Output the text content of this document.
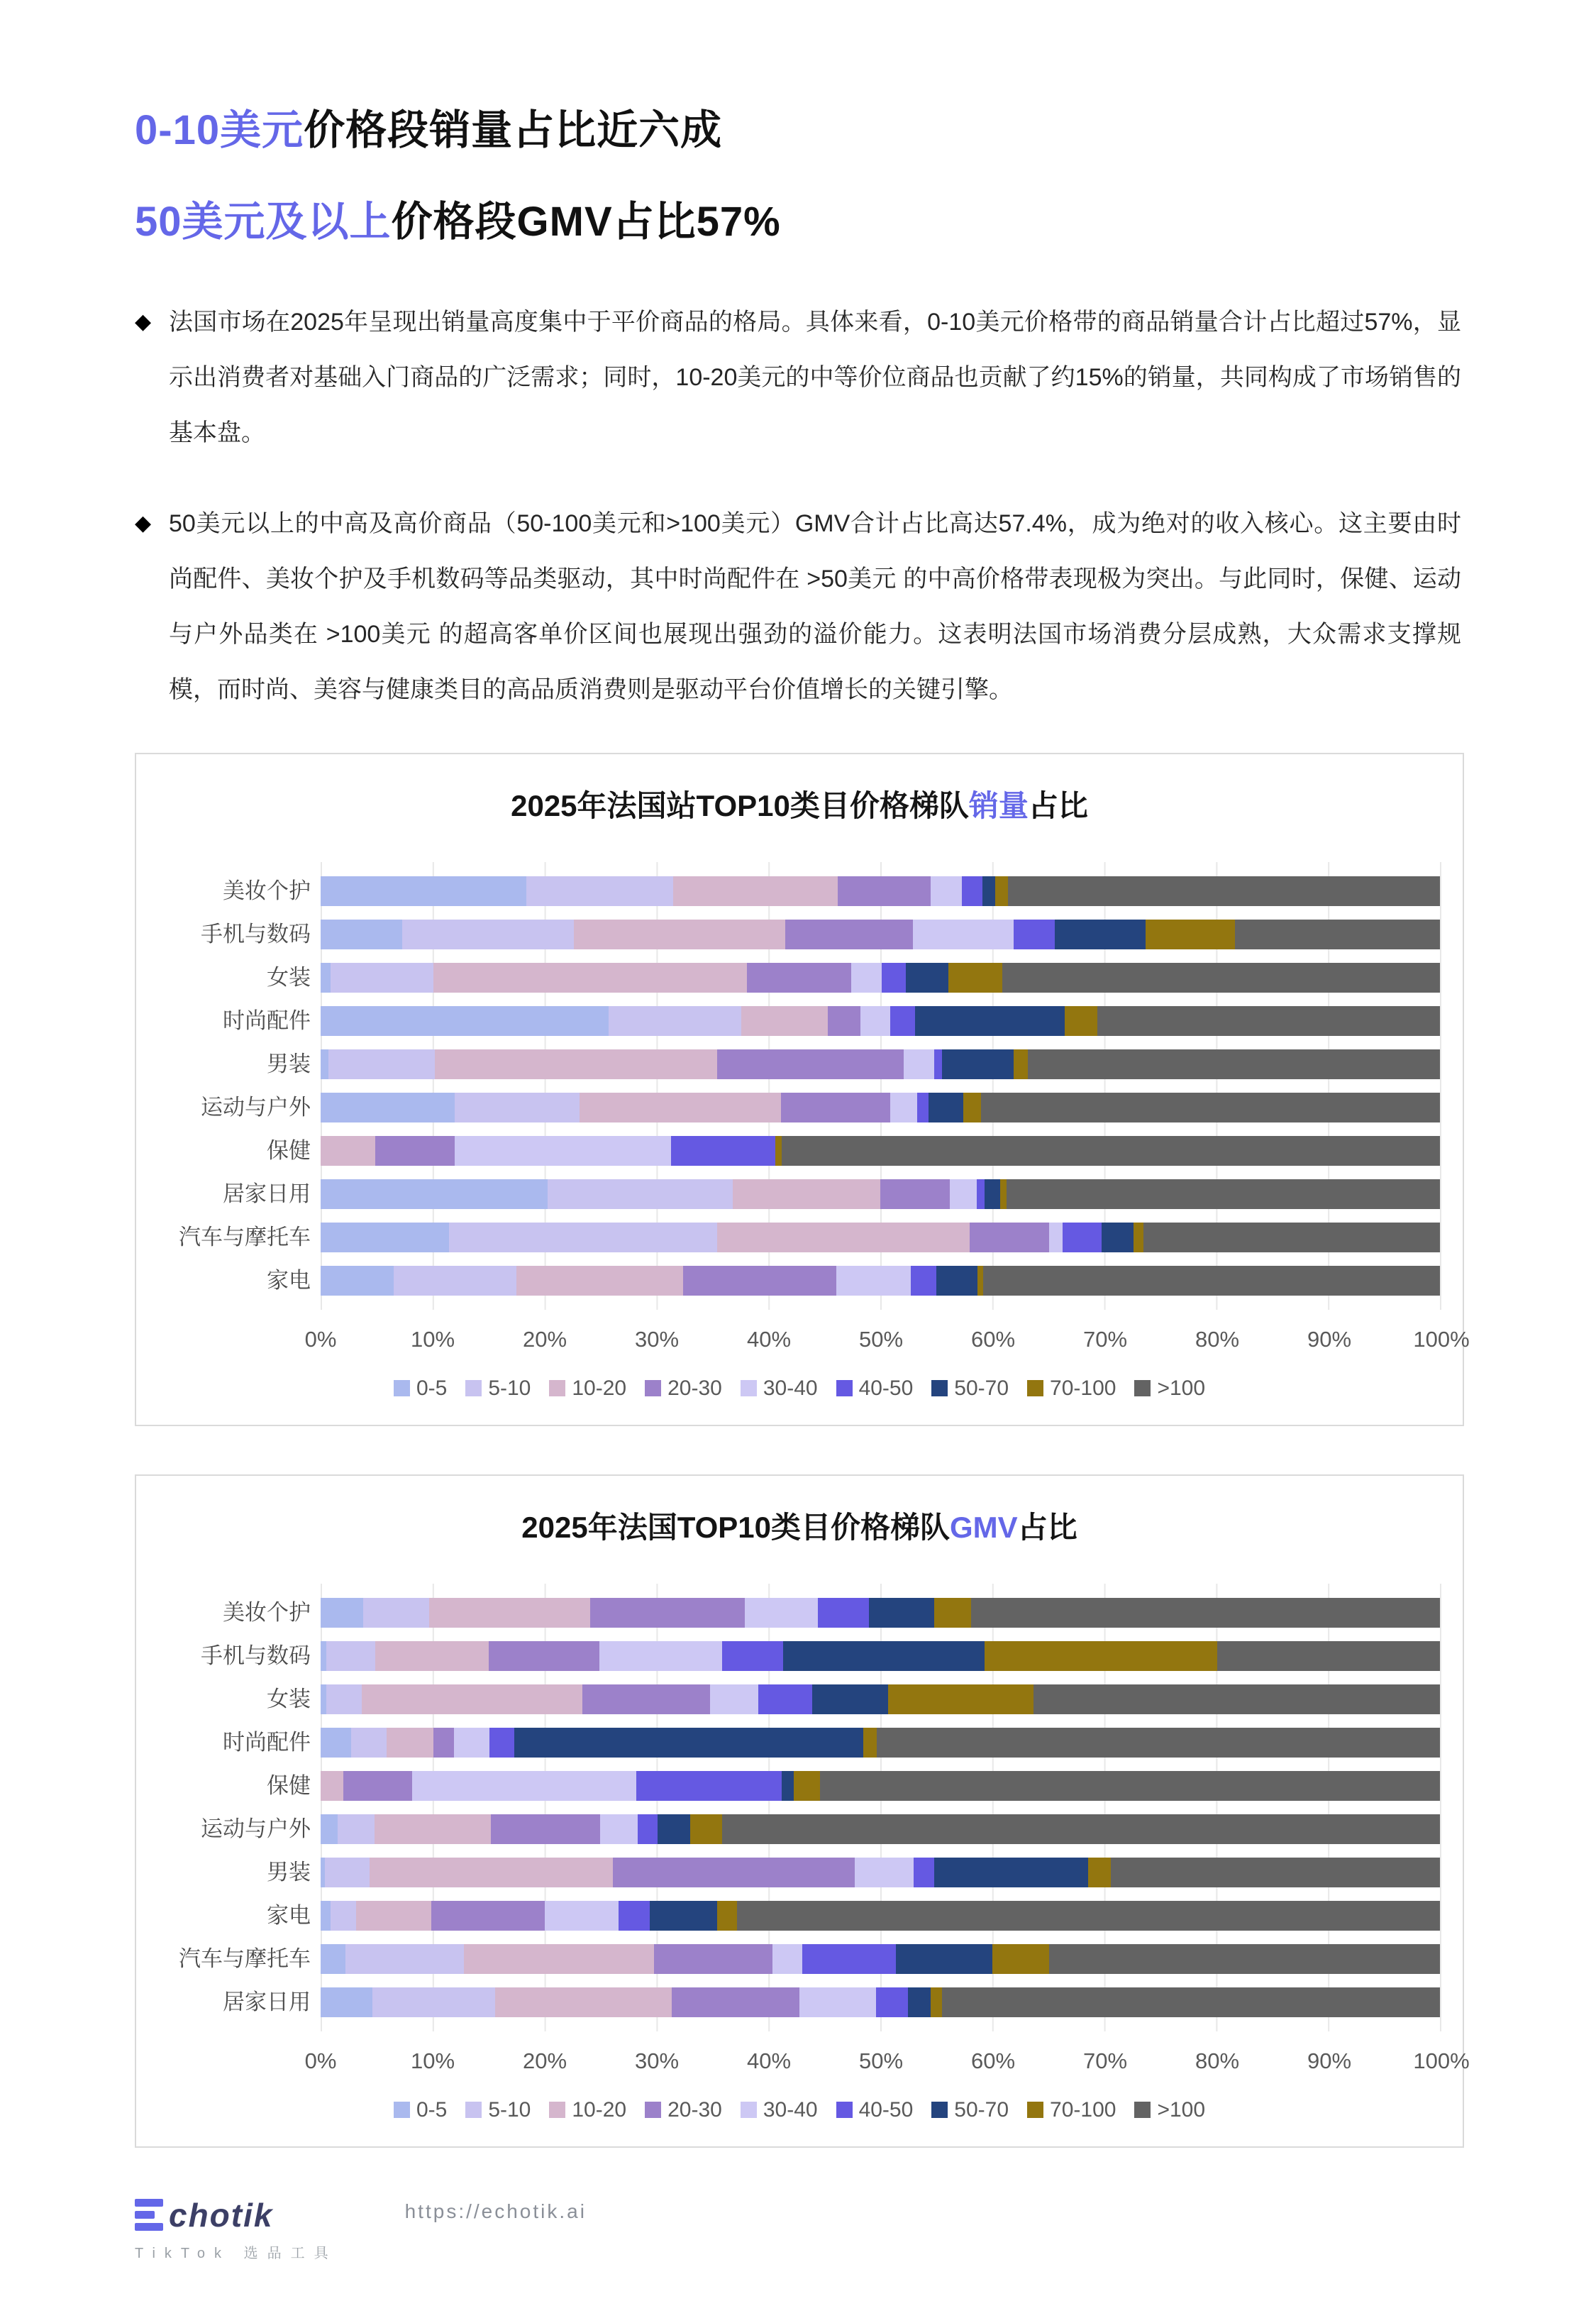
0-10美元价格段销量占比近六成
50美元及以上价格段GMV占比57%
◆ 法国市场在2025年呈现出销量高度集中于平价商品的格局。具体来看，0-10美元价格带的商品销量合计占比超过57%，显示出消费者对基础入门商品的广泛需求；同时，10-20美元的中等价位商品也贡献了约15%的销量，共同构成了市场销售的基本盘。
◆ 50美元以上的中高及高价商品（50-100美元和>100美元）GMV合计占比高达57.4%，成为绝对的收入核心。这主要由时尚配件、美妆个护及手机数码等品类驱动，其中时尚配件在 >50美元 的中高价格带表现极为突出。与此同时，保健、运动与户外品类在 >100美元 的超高客单价区间也展现出强劲的溢价能力。这表明法国市场消费分层成熟，大众需求支撑规模，而时尚、美容与健康类目的高品质消费则是驱动平台价值增长的关键引擎。
2025年法国站TOP10类目价格梯队销量占比
美妆个护
手机与数码
女装
时尚配件
男装
运动与户外
保健
居家日用
汽车与摩托车
家电
0%	10%	20%	30%	40%	50%	60%	70%	80%	90%	100%
0-5 5-10 10-20 20-30 30-40 40-50 50-70 70-100 >100
2025年法国TOP10类目价格梯队GMV占比
美妆个护
手机与数码
女装
时尚配件
保健
运动与户外
男装
家电
汽车与摩托车
居家日用
0%	10%	20%	30%	40%	50%	60%	70%	80%	90%	100%
0-5 5-10 10-20 20-30 30-40 40-50 50-70 70-100 >100
chotik
TikTok 选品工具
https://echotik.ai
